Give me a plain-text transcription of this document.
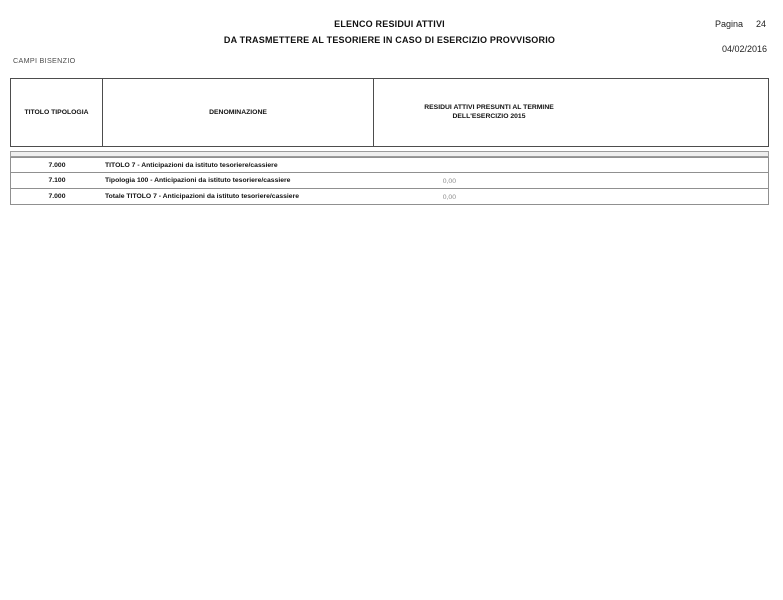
ELENCO RESIDUI ATTIVI
DA TRASMETTERE AL TESORIERE IN CASO DI ESERCIZIO PROVVISORIO
Pagina 24
04/02/2016
CAMPI BISENZIO
TITOLO TIPOLOGIA	DENOMINAZIONE
RESIDUI ATTIVI PRESUNTI AL TERMINE
DELL'ESERCIZIO 2015
7.000	TITOLO 7 - Anticipazioni da istituto tesoriere/cassiere
7.100	Tipologia 100 - Anticipazioni da istituto tesoriere/cassiere	0,00
7.000	Totale TITOLO 7 - Anticipazioni da istituto tesoriere/cassiere	0,00
